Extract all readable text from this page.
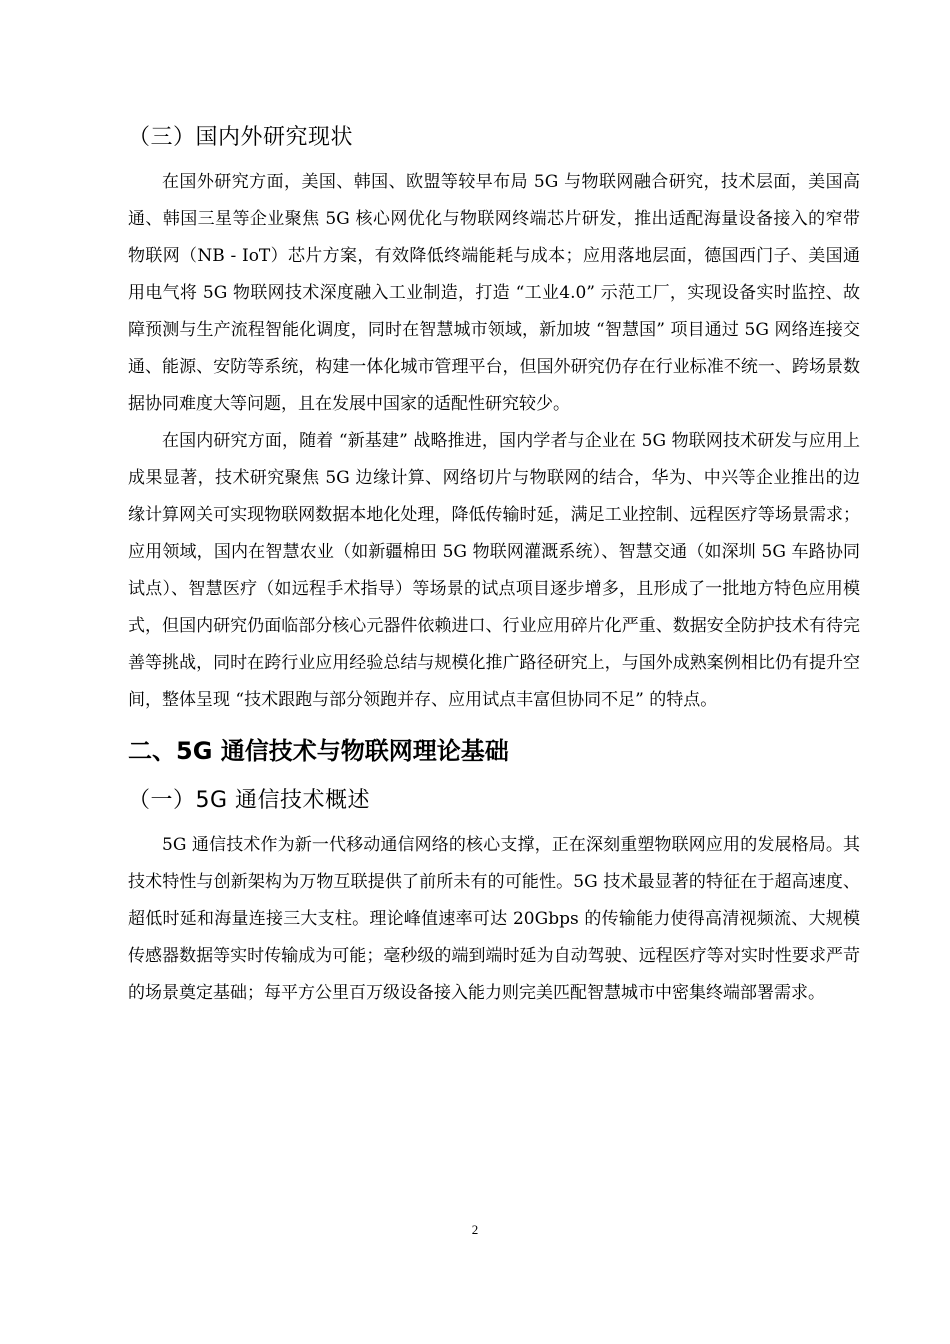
（三）国内外研究现状

在国外研究方面，美国、韩国、欧盟等较早布局 5G 与物联网融合研究，技术层面，美国高通、韩国三星等企业聚焦 5G 核心网优化与物联网终端芯片研发，推出适配海量设备接入的窄带物联网（NB - IoT）芯片方案，有效降低终端能耗与成本；应用落地层面，德国西门子、美国通用电气将 5G 物联网技术深度融入工业制造，打造 “工业4.0” 示范工厂，实现设备实时监控、故障预测与生产流程智能化调度，同时在智慧城市领域，新加坡 “智慧国” 项目通过 5G 网络连接交通、能源、安防等系统，构建一体化城市管理平台，但国外研究仍存在行业标准不统一、跨场景数据协同难度大等问题，且在发展中国家的适配性研究较少。

在国内研究方面，随着 “新基建” 战略推进，国内学者与企业在 5G 物联网技术研发与应用上成果显著，技术研究聚焦 5G 边缘计算、网络切片与物联网的结合，华为、中兴等企业推出的边缘计算网关可实现物联网数据本地化处理，降低传输时延，满足工业控制、远程医疗等场景需求；应用领域，国内在智慧农业（如新疆棉田 5G 物联网灌溉系统）、智慧交通（如深圳 5G 车路协同试点）、智慧医疗（如远程手术指导）等场景的试点项目逐步增多，且形成了一批地方特色应用模式，但国内研究仍面临部分核心元器件依赖进口、行业应用碎片化严重、数据安全防护技术有待完善等挑战，同时在跨行业应用经验总结与规模化推广路径研究上，与国外成熟案例相比仍有提升空间，整体呈现 “技术跟跑与部分领跑并存、应用试点丰富但协同不足” 的特点。

二、5G 通信技术与物联网理论基础
（一）5G 通信技术概述

5G 通信技术作为新一代移动通信网络的核心支撑，正在深刻重塑物联网应用的发展格局。其技术特性与创新架构为万物互联提供了前所未有的可能性。5G 技术最显著的特征在于超高速度、超低时延和海量连接三大支柱。理论峰值速率可达 20Gbps 的传输能力使得高清视频流、大规模传感器数据等实时传输成为可能；毫秒级的端到端时延为自动驾驶、远程医疗等对实时性要求严苛的场景奠定基础；每平方公里百万级设备接入能力则完美匹配智慧城市中密集终端部署需求。

2
